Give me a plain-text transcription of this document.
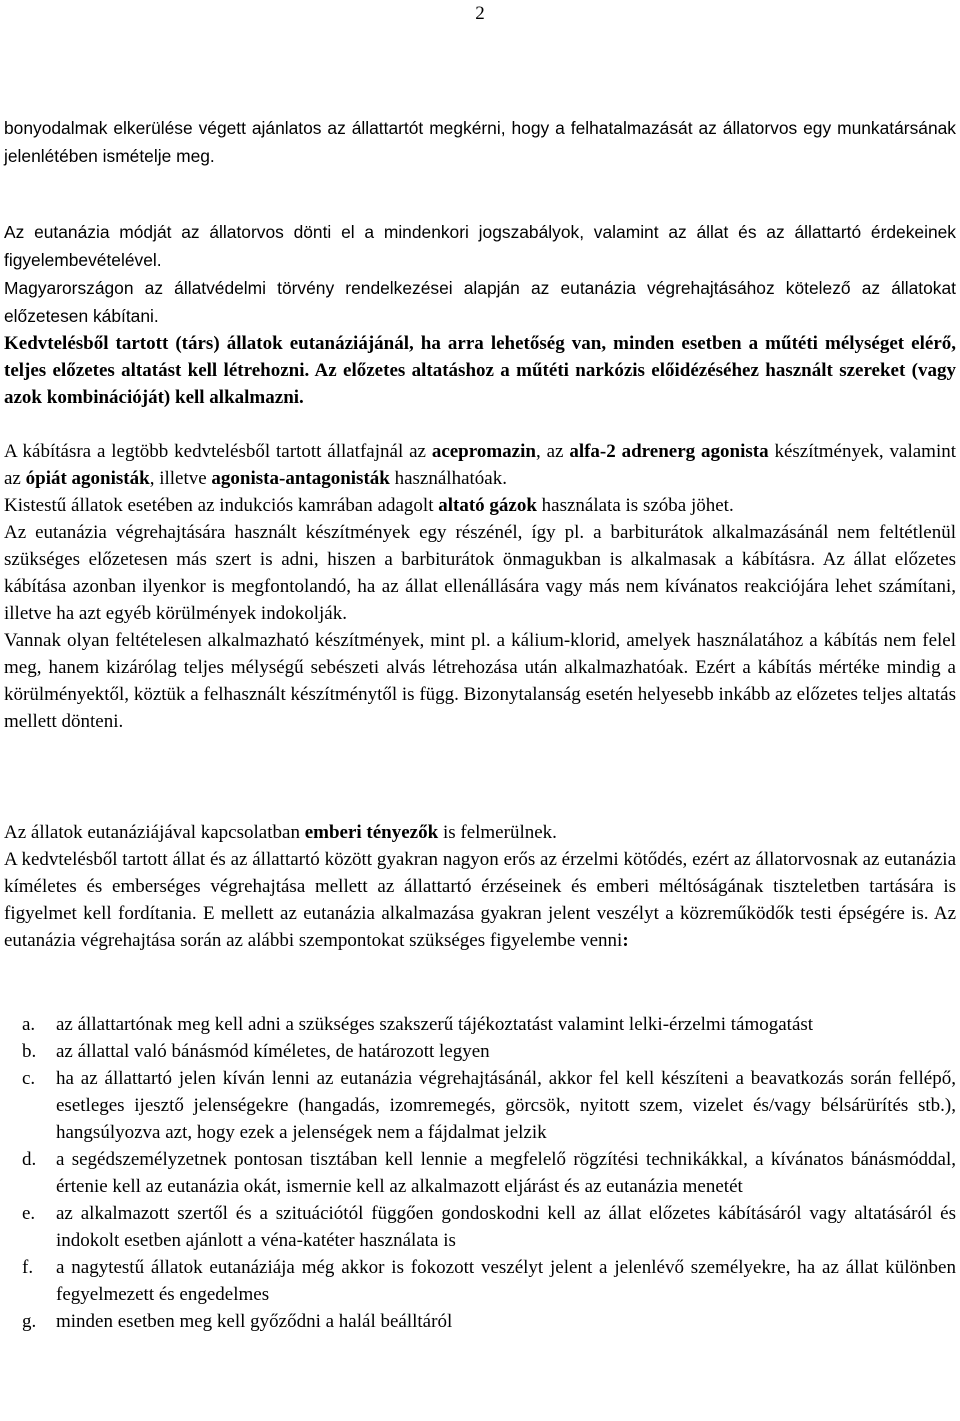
2

bonyodalmak elkerülése végett ajánlatos az állattartót megkérni, hogy a felhatalmazását az állatorvos egy munkatársának jelenlétében ismételje meg.

Az eutanázia módját az állatorvos dönti el a mindenkori jogszabályok, valamint az állat és az állattartó érdekeinek figyelembevételével.

Magyarországon az állatvédelmi törvény rendelkezései alapján az eutanázia végrehajtásához kötelező az állatokat előzetesen kábítani.

Kedvtelésből tartott (társ) állatok eutanáziájánál, ha arra lehetőség van, minden esetben a műtéti mélységet elérő, teljes előzetes altatást kell létrehozni. Az előzetes altatáshoz a műtéti narkózis előidézéséhez használt szereket (vagy azok kombinációját) kell alkalmazni.

A kábításra a legtöbb kedvtelésből tartott állatfajnál az acepromazin, az alfa-2 adrenerg agonista készítmények, valamint az ópiát agonisták, illetve agonista-antagonisták használhatóak.

Kistestű állatok esetében az indukciós kamrában adagolt altató gázok használata is szóba jöhet.

Az eutanázia végrehajtására használt készítmények egy részénél, így pl. a barbiturátok alkalmazásánál nem feltétlenül szükséges előzetesen más szert is adni, hiszen a barbiturátok önmagukban is alkalmasak a kábításra. Az állat előzetes kábítása azonban ilyenkor is megfontolandó, ha az állat ellenállására vagy más nem kívánatos reakciójára lehet számítani, illetve ha azt egyéb körülmények indokolják.

Vannak olyan feltételesen alkalmazható készítmények, mint pl. a kálium-klorid, amelyek használatához a kábítás nem felel meg, hanem kizárólag teljes mélységű sebészeti alvás létrehozása után alkalmazhatóak. Ezért a kábítás mértéke mindig a körülményektől, köztük a felhasznált készítménytől is függ. Bizonytalanság esetén helyesebb inkább az előzetes teljes altatás mellett dönteni.

Az állatok eutanáziájával kapcsolatban emberi tényezők is felmerülnek.

A kedvtelésből tartott állat és az állattartó között gyakran nagyon erős az érzelmi kötődés, ezért az állatorvosnak az eutanázia kíméletes és emberséges végrehajtása mellett az állattartó érzéseinek és emberi méltóságának tiszteletben tartására is figyelmet kell fordítania. E mellett az eutanázia alkalmazása gyakran jelent veszélyt a közreműködők testi épségére is. Az eutanázia végrehajtása során az alábbi szempontokat szükséges figyelembe venni:

a. az állattartónak meg kell adni a szükséges szakszerű tájékoztatást valamint lelki-érzelmi támogatást
b. az állattal való bánásmód kíméletes, de határozott legyen
c. ha az állattartó jelen kíván lenni az eutanázia végrehajtásánál, akkor fel kell készíteni a beavatkozás során fellépő, esetleges ijesztő jelenségekre (hangadás, izomremegés, görcsök, nyitott szem, vizelet és/vagy bélsárürítés stb.), hangsúlyozva azt, hogy ezek a jelenségek nem a fájdalmat jelzik
d. a segédszemélyzetnek pontosan tisztában kell lennie a megfelelő rögzítési technikákkal, a kívánatos bánásmóddal, értenie kell az eutanázia okát, ismernie kell az alkalmazott eljárást és az eutanázia menetét
e. az alkalmazott szertől és a szituációtól függően gondoskodni kell az állat előzetes kábításáról vagy altatásáról és indokolt esetben ajánlott a véna-katéter használata is
f. a nagytestű állatok eutanáziája még akkor is fokozott veszélyt jelent a jelenlévő személyekre, ha az állat különben fegyelmezett és engedelmes
g. minden esetben meg kell győződni a halál beálltáról
